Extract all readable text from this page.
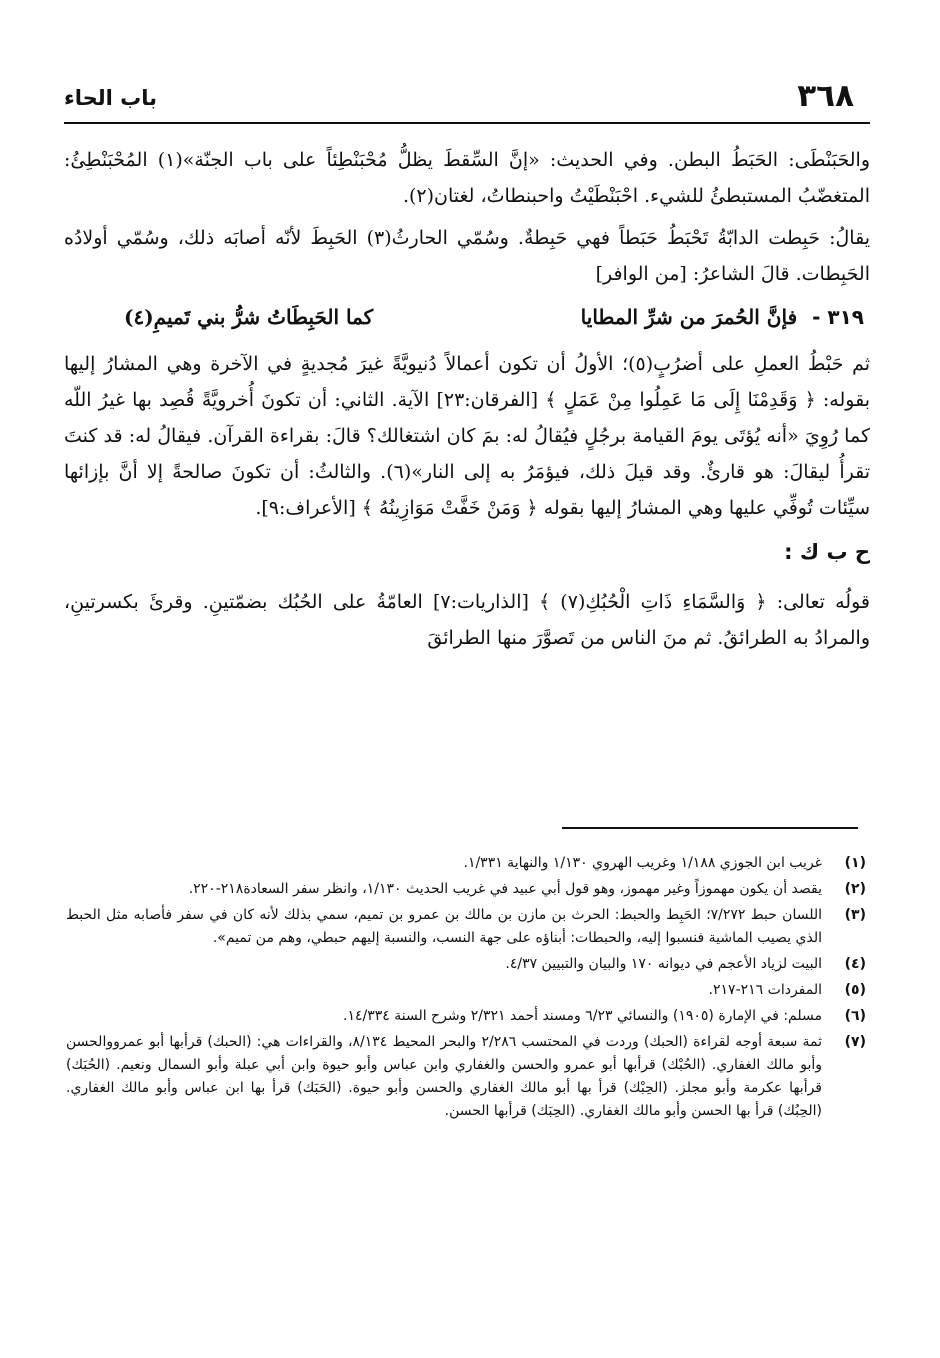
٣٦٨
باب الحاء

والحَبَنْطَى: الحَبَطُ البطن. وفي الحديث: «إنَّ السِّقطَ يظلُّ مُحْبَنْطِئاً على باب الجنّة»(١) المُحْبَنْطِئُ: المتغضّبُ المستبطئُ للشيء. احْبَنْطَيْتُ واحبنطاتُ، لغتان(٢).

يقالُ: حَبِطت الدابّةُ تَحْبَطُ حَبَطاً فهي حَبِطةٌ. وسُمّي الحارثُ(٣) الحَبِطَ لأنّه أصابَه ذلك، وسُمّي أولادُه الحَبِطات. قالَ الشاعرُ: [من الوافر]

٣١٩ - فإنَّ الحُمرَ من شرِّ المطايا
كما الحَبِطَاتُ شرُّ بني تَميمِ(٤)

ثم حَبْطُ العملِ على أضرُبٍ(٥)؛ الأولُ أن تكون أعمالاً دُنيويَّةً غيرَ مُجديةٍ في الآخرة وهي المشارُ إليها بقوله: ﴿ وَقَدِمْنَا إِلَى مَا عَمِلُوا مِنْ عَمَلٍ ﴾ [الفرقان:٢٣] الآية. الثاني: أن تكونَ أُخرويَّةً قُصِد بها غيرُ اللّه كما رُوِيَ «أنه يُؤتَى يومَ القيامة برجُلٍ فيُقالُ له: بمَ كان اشتغالك؟ قالَ: بقراءة القرآن. فيقالُ له: قد كنتَ تقرأُ ليقالَ: هو قارئٌ. وقد قيلَ ذلك، فيؤمَرُ به إلى النار»(٦). والثالثُ: أن تكونَ صالحةً إلا أنَّ بإزائها سيِّئات تُوفِّي عليها وهي المشارُ إليها بقوله ﴿ وَمَنْ خَفَّتْ مَوَازِينُهُ ﴾ [الأعراف:٩].

ح ب ك :

قولُه تعالى: ﴿ وَالسَّمَاءِ ذَاتِ الْحُبُكِ(٧) ﴾ [الذاريات:٧] العامّةُ على الحُبُك بضمّتينِ. وقرئَ بكسرتينِ، والمرادُ به الطرائقُ. ثم منَ الناس من تَصوَّرَ منها الطرائقَ

(١)
غريب ابن الجوزي ١/١٨٨ وغريب الهروي ١/١٣٠ والنهاية ١/٣٣١.
(٢)
يقصد أن يكون مهموزاً وغير مهموز، وهو قول أبي عبيد في غريب الحديث ١/١٣٠، وانظر سفر السعادة٢١٨-٢٢٠.
(٣)
اللسان حبط ٧/٢٧٢؛ الحَبِط والحبط: الحرث بن مازن بن مالك بن عمرو بن تميم، سمي بذلك لأنه كان في سفر فأصابه مثل الحبط الذي يصيب الماشية فنسبوا إليه، والحبطات: أبناؤه على جهة النسب، والنسبة إليهم حبطي، وهم من تميم».
(٤)
البيت لزياد الأعجم في ديوانه ١٧٠ والبيان والتبيين ٤/٣٧.
(٥)
المفردات ٢١٦-٢١٧.
(٦)
مسلم: في الإمارة (١٩٠٥) والنسائي ٦/٢٣ ومسند أحمد ٢/٣٢١ وشرح السنة ١٤/٣٣٤.
(٧)
ثمة سبعة أوجه لقراءة (الحبك) وردت في المحتسب ٢/٢٨٦ والبحر المحيط ٨/١٣٤، والقراءات هي: (الحبك) قرأبها أبو عمرووالحسن وأبو مالك الغفاري. (الحُبْك) قرأبها أبو عمرو والحسن والغفاري وابن عباس وأبو حيوة وابن أبي عبلة وأبو السمال ونعيم. (الحُبَك) قرأبها عكرمة وأبو مجلز. (الحِبْك) قرأ بها أبو مالك الغفاري والحسن وأبو حيوة. (الحَبَك) قرأ بها ابن عباس وأبو مالك الغفاري. (الحِبُك) قرأ بها الحسن وأبو مالك الغفاري. (الحِبَك) قرأبها الحسن.
